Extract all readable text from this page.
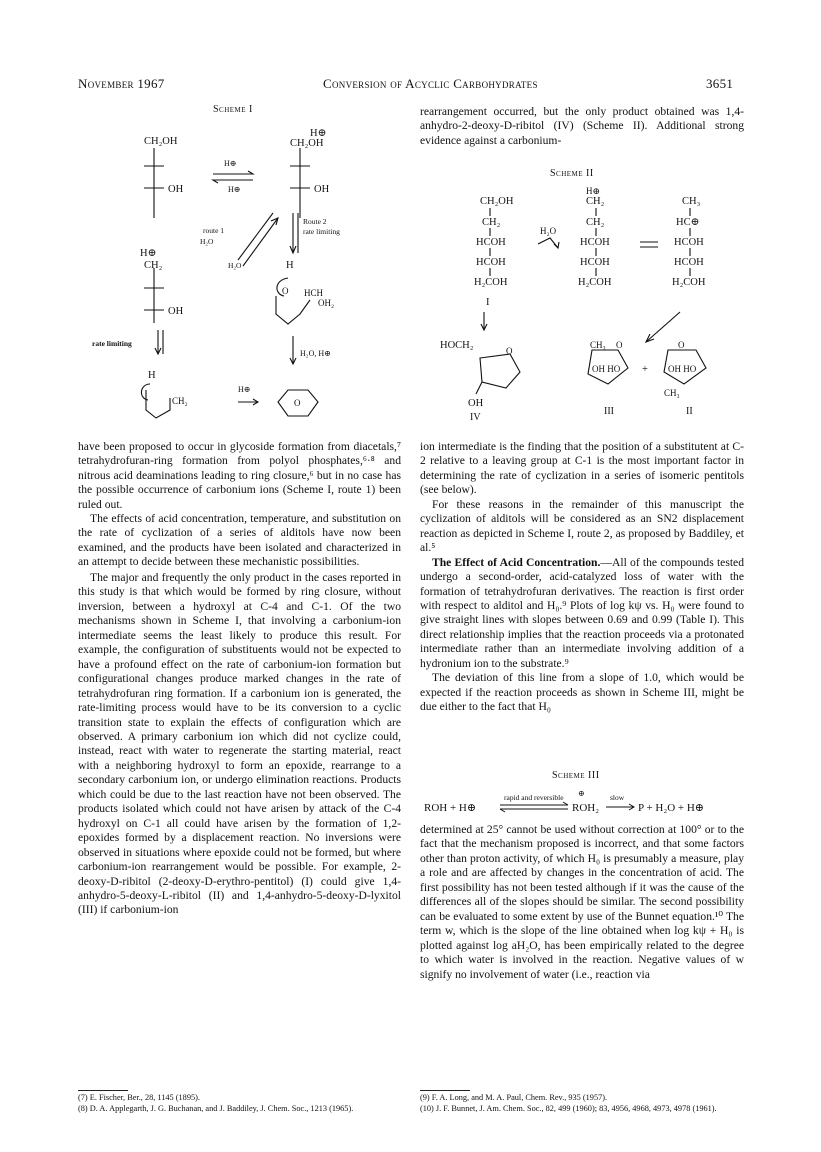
November 1967	Conversion of Acyclic Carbohydrates	3651
Scheme I
CH₂OH
OH
H⊕
CH₂OH
OH
H⊕
H⊕
route 1
H₂O
H₂O
Route 2
rate limiting
H⊕
CH₂
OH
rate limiting
H
O HCH
OH₂
H₂O, H⊕
H
CH₂
H⊕
O

have been proposed to occur in glycoside formation from diacetals,⁷ tetrahydrofuran-ring formation from polyol phosphates,⁶·⁸ and nitrous acid deaminations leading to ring closure,⁶ but in no case has the possible occurrence of carbonium ions (Scheme I, route 1) been ruled out.

The effects of acid concentration, temperature, and substitution on the rate of cyclization of a series of alditols have now been examined, and the products have been isolated and characterized in an attempt to decide between these mechanistic possibilities.

The major and frequently the only product in the cases reported in this study is that which would be formed by ring closure, without inversion, between a hydroxyl at C-4 and C-1. Of the two mechanisms shown in Scheme I, that involving a carbonium-ion intermediate seems the least likely to produce this result. For example, the configuration of substituents would not be expected to have a profound effect on the rate of carbonium-ion formation but configurational changes produce marked changes in the rate of tetrahydrofuran ring formation. If a carbonium ion is generated, the rate-limiting process would have to be its conversion to a cyclic transition state to explain the effects of configuration which are observed. A primary carbonium ion which did not cyclize could, instead, react with water to regenerate the starting material, react with a neighboring hydroxyl to form an epoxide, rearrange to a secondary carbonium ion, or undergo elimination reactions. Products which could be due to the last reaction have not been observed. The products isolated which could not have arisen by attack of the C-4 hydroxyl on C-1 all could have arisen by the formation of 1,2-epoxides formed by a displacement reaction. No inversions were observed in situations where epoxide could not be formed, but where carbonium-ion rearrangement would be possible. For example, 2-deoxy-D-ribitol (2-deoxy-D-erythro-pentitol) (I) could give 1,4-anhydro-5-deoxy-L-ribitol (II) and 1,4-anhydro-5-deoxy-D-lyxitol (III) if carbonium-ion

(7) E. Fischer, Ber., 28, 1145 (1895).

(8) D. A. Applegarth, J. G. Buchanan, and J. Baddiley, J. Chem. Soc., 1213 (1965).

rearrangement occurred, but the only product obtained was 1,4-anhydro-2-deoxy-D-ribitol (IV) (Scheme II). Additional strong evidence against a carbonium-

Scheme II
CH₂OH
CH₂
HCOH
HCOH
H₂COH
I
H₂O
H⊕
CH₂
CH₂
HCOH
HCOH
H₂COH
CH₃
HC⊕
HCOH
HCOH
H₂COH
HOCH₂	O
OH
IV
CH₃ O
OH HO +
O
OH HO
CH₃
III	II

ion intermediate is the finding that the position of a substitutent at C-2 relative to a leaving group at C-1 is the most important factor in determining the rate of cyclization in a series of isomeric pentitols (see below).

For these reasons in the remainder of this manuscript the cyclization of alditols will be considered as an SN2 displacement reaction as depicted in Scheme I, route 2, as proposed by Baddiley, et al.⁵

The Effect of Acid Concentration.—All of the compounds tested undergo a second-order, acid-catalyzed loss of water with the formation of tetrahydrofuran derivatives. The reaction is first order with respect to alditol and H₀.⁹ Plots of log kψ vs. H₀ were found to give straight lines with slopes between 0.69 and 0.99 (Table I). This direct relationship implies that the reaction proceeds via a protonated intermediate rather than an intermediate involving addition of a hydronium ion to the substrate.⁹

The deviation of this line from a slope of 1.0, which would be expected if the reaction proceeds as shown in Scheme III, might be due either to the fact that H₀

Scheme III
ROH + H⊕
rapid and reversible
ROH₂
⊕	slow
P + H₂O + H⊕

determined at 25° cannot be used without correction at 100° or to the fact that the mechanism proposed is incorrect, and that some factors other than proton activity, of which H₀ is presumably a measure, play a role and are affected by changes in the concentration of acid. The first possibility has not been tested although if it was the cause of the differences all of the slopes should be similar. The second possibility can be evaluated to some extent by use of the Bunnet equation.¹⁰ The term w, which is the slope of the line obtained when log kψ + H₀ is plotted against log aH₂O, has been empirically related to the degree to which water is involved in the reaction. Negative values of w signify no involvement of water (i.e., reaction via

(9) F. A. Long, and M. A. Paul, Chem. Rev., 935 (1957).

(10) J. F. Bunnet, J. Am. Chem. Soc., 82, 499 (1960); 83, 4956, 4968, 4973, 4978 (1961).
